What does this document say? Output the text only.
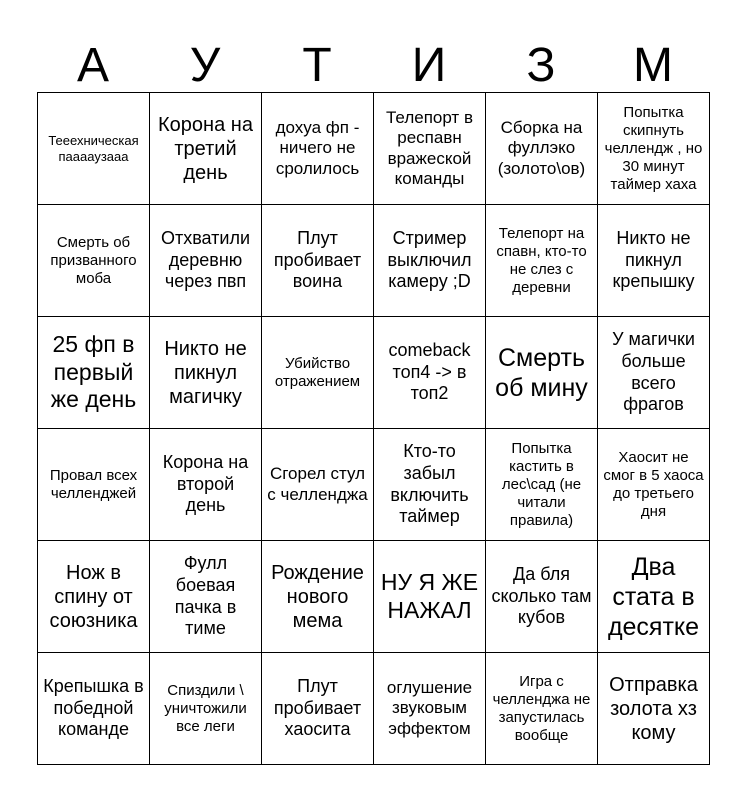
А	У	Т	И	З	М
Тееехническая пааааузааа	Корона на третий день	дохуа фп - ничего не сролилось	Телепорт в респавн вражеской команды	Сборка на фуллэко (золото\ов)	Попытка скипнуть челлендж , но 30 минут таймер хаха
Смерть об призванного моба	Отхватили деревню через пвп	Плут пробивает воина	Стример выключил камеру ;D	Телепорт на спавн, кто-то не слез с деревни	Никто не пикнул крепышку
25 фп в первый же день	Никто не пикнул магичку	Убийство отражением	comeback топ4 -> в топ2	Смерть об мину	У магички больше всего фрагов
Провал всех челленджей	Корона на второй день	Сгорел стул с челленджа	Кто-то забыл включить таймер	Попытка кастить в лес\сад (не читали правила)	Хаосит не смог в 5 хаоса до третьего дня
Нож в спину от союзника	Фулл боевая пачка в тиме	Рождение нового мема	НУ Я ЖЕ НАЖАЛ	Да бля сколько там кубов	Два стата в десятке
Крепышка в победной команде	Спиздили \ уничтожили все леги	Плут пробивает хаосита	оглушение звуковым эффектом	Игра с челленджа не запустилась вообще	Отправка золота хз кому
